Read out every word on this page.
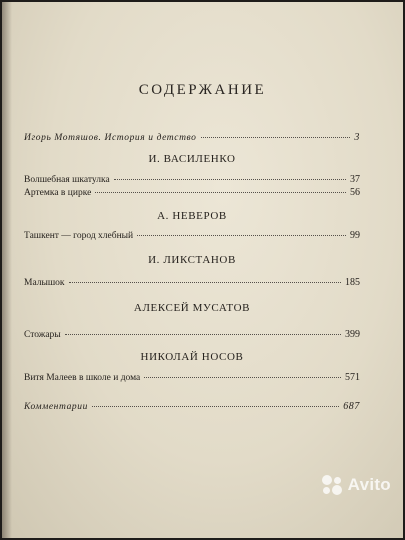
СОДЕРЖАНИЕ
Игорь Мотяшов. История и детство	3
И. ВАСИЛЕНКО
Волшебная шкатулка	37
Артемка в цирке	56
А. НЕВЕРОВ
Ташкент — город хлебный	99
И. ЛИКСТАНОВ
Малышок	185
АЛЕКСЕЙ МУСАТОВ
Стожары	399
НИКОЛАЙ НОСОВ
Витя Малеев в школе и дома	571
Комментарии	687
Avito
